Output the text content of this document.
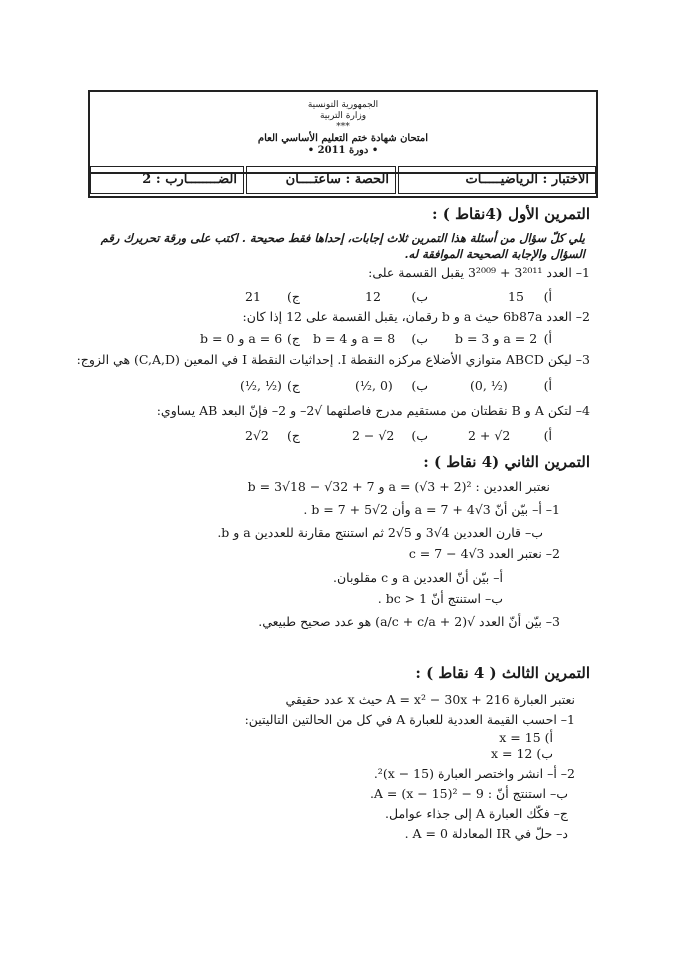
الجمهورية التونسية
وزارة التربية
***
امتحان شهادة ختم التعليم الأساسي العام
• دورة 2011 •
الاختبار : الرياضيـــــات
الحصة : ساعتــــان
الضــــــــارب : 2
التمرين الأول (4نقاط ) :
يلي كلّ سؤال من أسئلة هذا التمرين ثلاث إجابات، إحداها فقط صحيحة . اكتب على ورقة تحريرك رقم
السؤال والإجابة الصحيحة الموافقة له.
1– العدد 3²⁰¹¹ + 3²⁰⁰⁹ يقبل القسمة على:
15 أ)
12 ب)
21 ج)
2– العدد 6b87a حيث a و b رقمان، يقبل القسمة على 12 إذا كان:
a = 2 و b = 3 أ)
a = 8 و b = 4 ب)
a = 6 و b = 0 ج)
3– ليكن ABCD متوازي الأضلاع مركزه النقطة I. إحداثيات النقطة I في المعين (C,A,D) هي الزوج:
(0, ½)	أ)
(½, 0) ب)
(½, ½) ج)
4– لتكن A و B نقطتان من مستقيم مدرج فاصلتهما √2– و 2– فإنّ البعد AB يساوي:
2 + √2	أ)
2 − √2 ب)
2√2 ج)
التمرين الثاني (4 نقاط ) :
نعتبر العددين : a = (√3 + 2)² و b = 3√18 − √32 + 7
1– أ– بيّن أنّ a = 7 + 4√3 وأن b = 7 + 5√2 .
ب– قارن العددين 4√3 و 5√2 ثم استنتج مقارنة للعددين a و b.
2– نعتبر العدد c = 7 − 4√3
أ– بيّن أنّ العددين a و c مقلوبان.
ب– استنتج أنّ bc > 1 .
3– بيّن أنّ العدد √(a/c + c/a + 2) هو عدد صحيح طبيعي.
التمرين الثالث ( 4 نقاط ) :
نعتبر العبارة A = x² − 30x + 216 حيث x عدد حقيقي
1– احسب القيمة العددية للعبارة A في كل من الحالتين التاليتين:
أ) x = 15
ب) x = 12
2– أ– انشر واختصر العبارة (x − 15)².
ب– استنتج أنّ : A = (x − 15)² − 9.
ج– فكّك العبارة A إلى جذاء عوامل.
د– حلّ في IR المعادلة A = 0 .
